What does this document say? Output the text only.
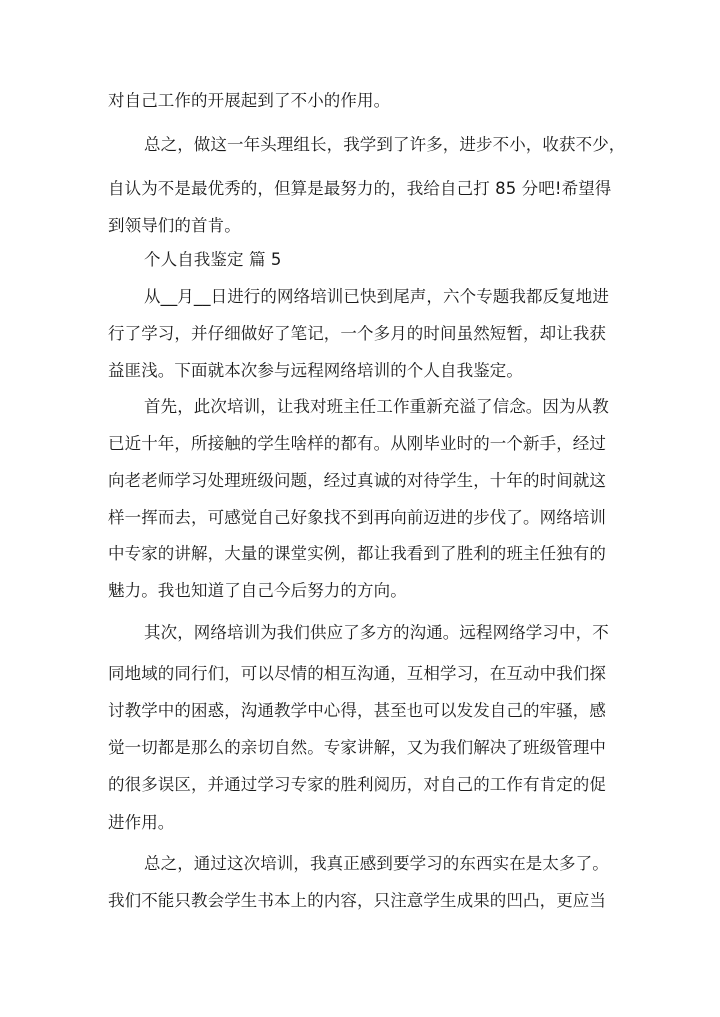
对自己工作的开展起到了不小的作用。
总之，做这一年头理组长，我学到了许多，进步不小，收获不少，
自认为不是最优秀的，但算是最努力的，我给自己打 85 分吧!希望得
到领导们的首肯。
个人自我鉴定 篇 5
从__月__日进行的网络培训已快到尾声，六个专题我都反复地进
行了学习，并仔细做好了笔记，一个多月的时间虽然短暂，却让我获
益匪浅。下面就本次参与远程网络培训的个人自我鉴定。
首先，此次培训，让我对班主任工作重新充溢了信念。因为从教
已近十年，所接触的学生啥样的都有。从刚毕业时的一个新手，经过
向老老师学习处理班级问题，经过真诚的对待学生，十年的时间就这
样一挥而去，可感觉自己好象找不到再向前迈进的步伐了。网络培训
中专家的讲解，大量的课堂实例，都让我看到了胜利的班主任独有的
魅力。我也知道了自己今后努力的方向。
其次，网络培训为我们供应了多方的沟通。远程网络学习中，不
同地域的同行们，可以尽情的相互沟通，互相学习，在互动中我们探
讨教学中的困惑，沟通教学中心得，甚至也可以发发自己的牢骚，感
觉一切都是那么的亲切自然。专家讲解，又为我们解决了班级管理中
的很多误区，并通过学习专家的胜利阅历，对自己的工作有肯定的促
进作用。
总之，通过这次培训，我真正感到要学习的东西实在是太多了。
我们不能只教会学生书本上的内容，只注意学生成果的凹凸，更应当
